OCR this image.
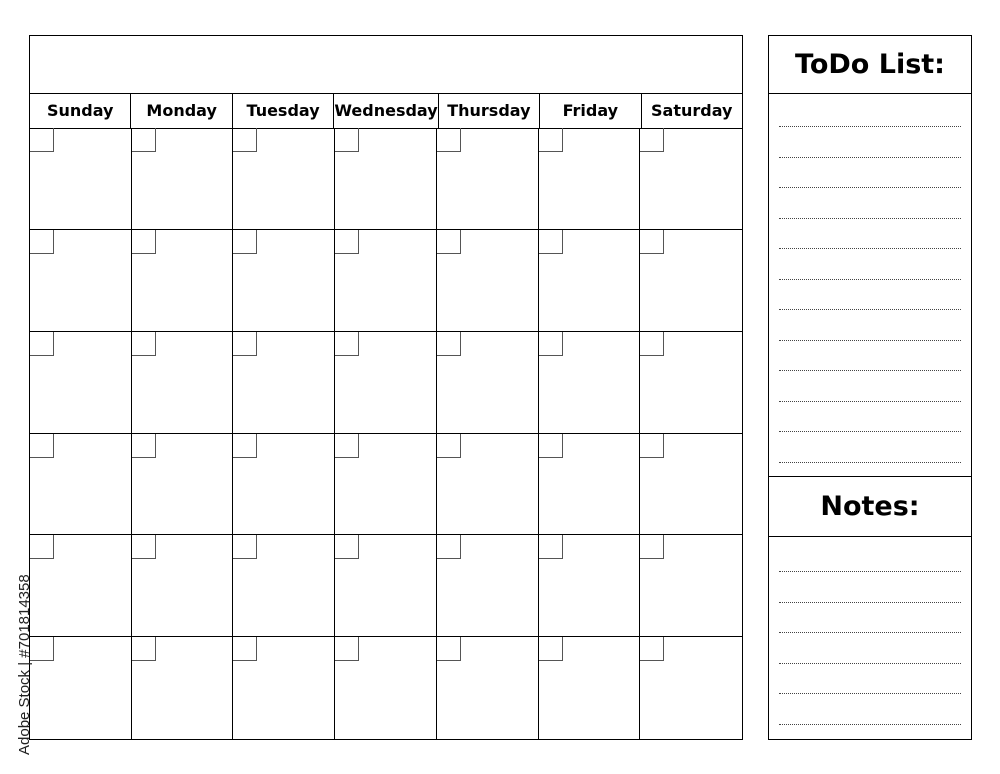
Sunday	Monday	Tuesday Wednesday Thursday	Friday	Saturday
ToDo List:
Notes:
Adobe Stock | #701814358
